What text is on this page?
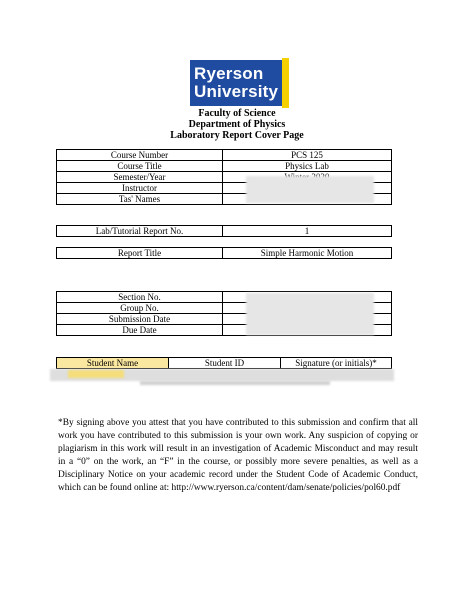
Ryerson
University
Faculty of Science
Department of Physics
Laboratory Report Cover Page
Course Number	PCS 125
Course Title	Physics Lab
Semester/Year	
Instructor	
Tas' Names	
Lab/Tutorial Report No.	1
Report Title	Simple Harmonic Motion
Section No.	
Group No.	
Submission Date	
Due Date	
Student Name	Student ID	Signature (or initials)*
*By signing above you attest that you have contributed to this submission and confirm that all work you have contributed to this submission is your own work. Any suspicion of copying or plagiarism in this work will result in an investigation of Academic Misconduct and may result in a “0” on the work, an “F” in the course, or possibly more severe penalties, as well as a Disciplinary Notice on your academic record under the Student Code of Academic Conduct, which can be found online at: http://www.ryerson.ca/content/dam/senate/policies/pol60.pdf
